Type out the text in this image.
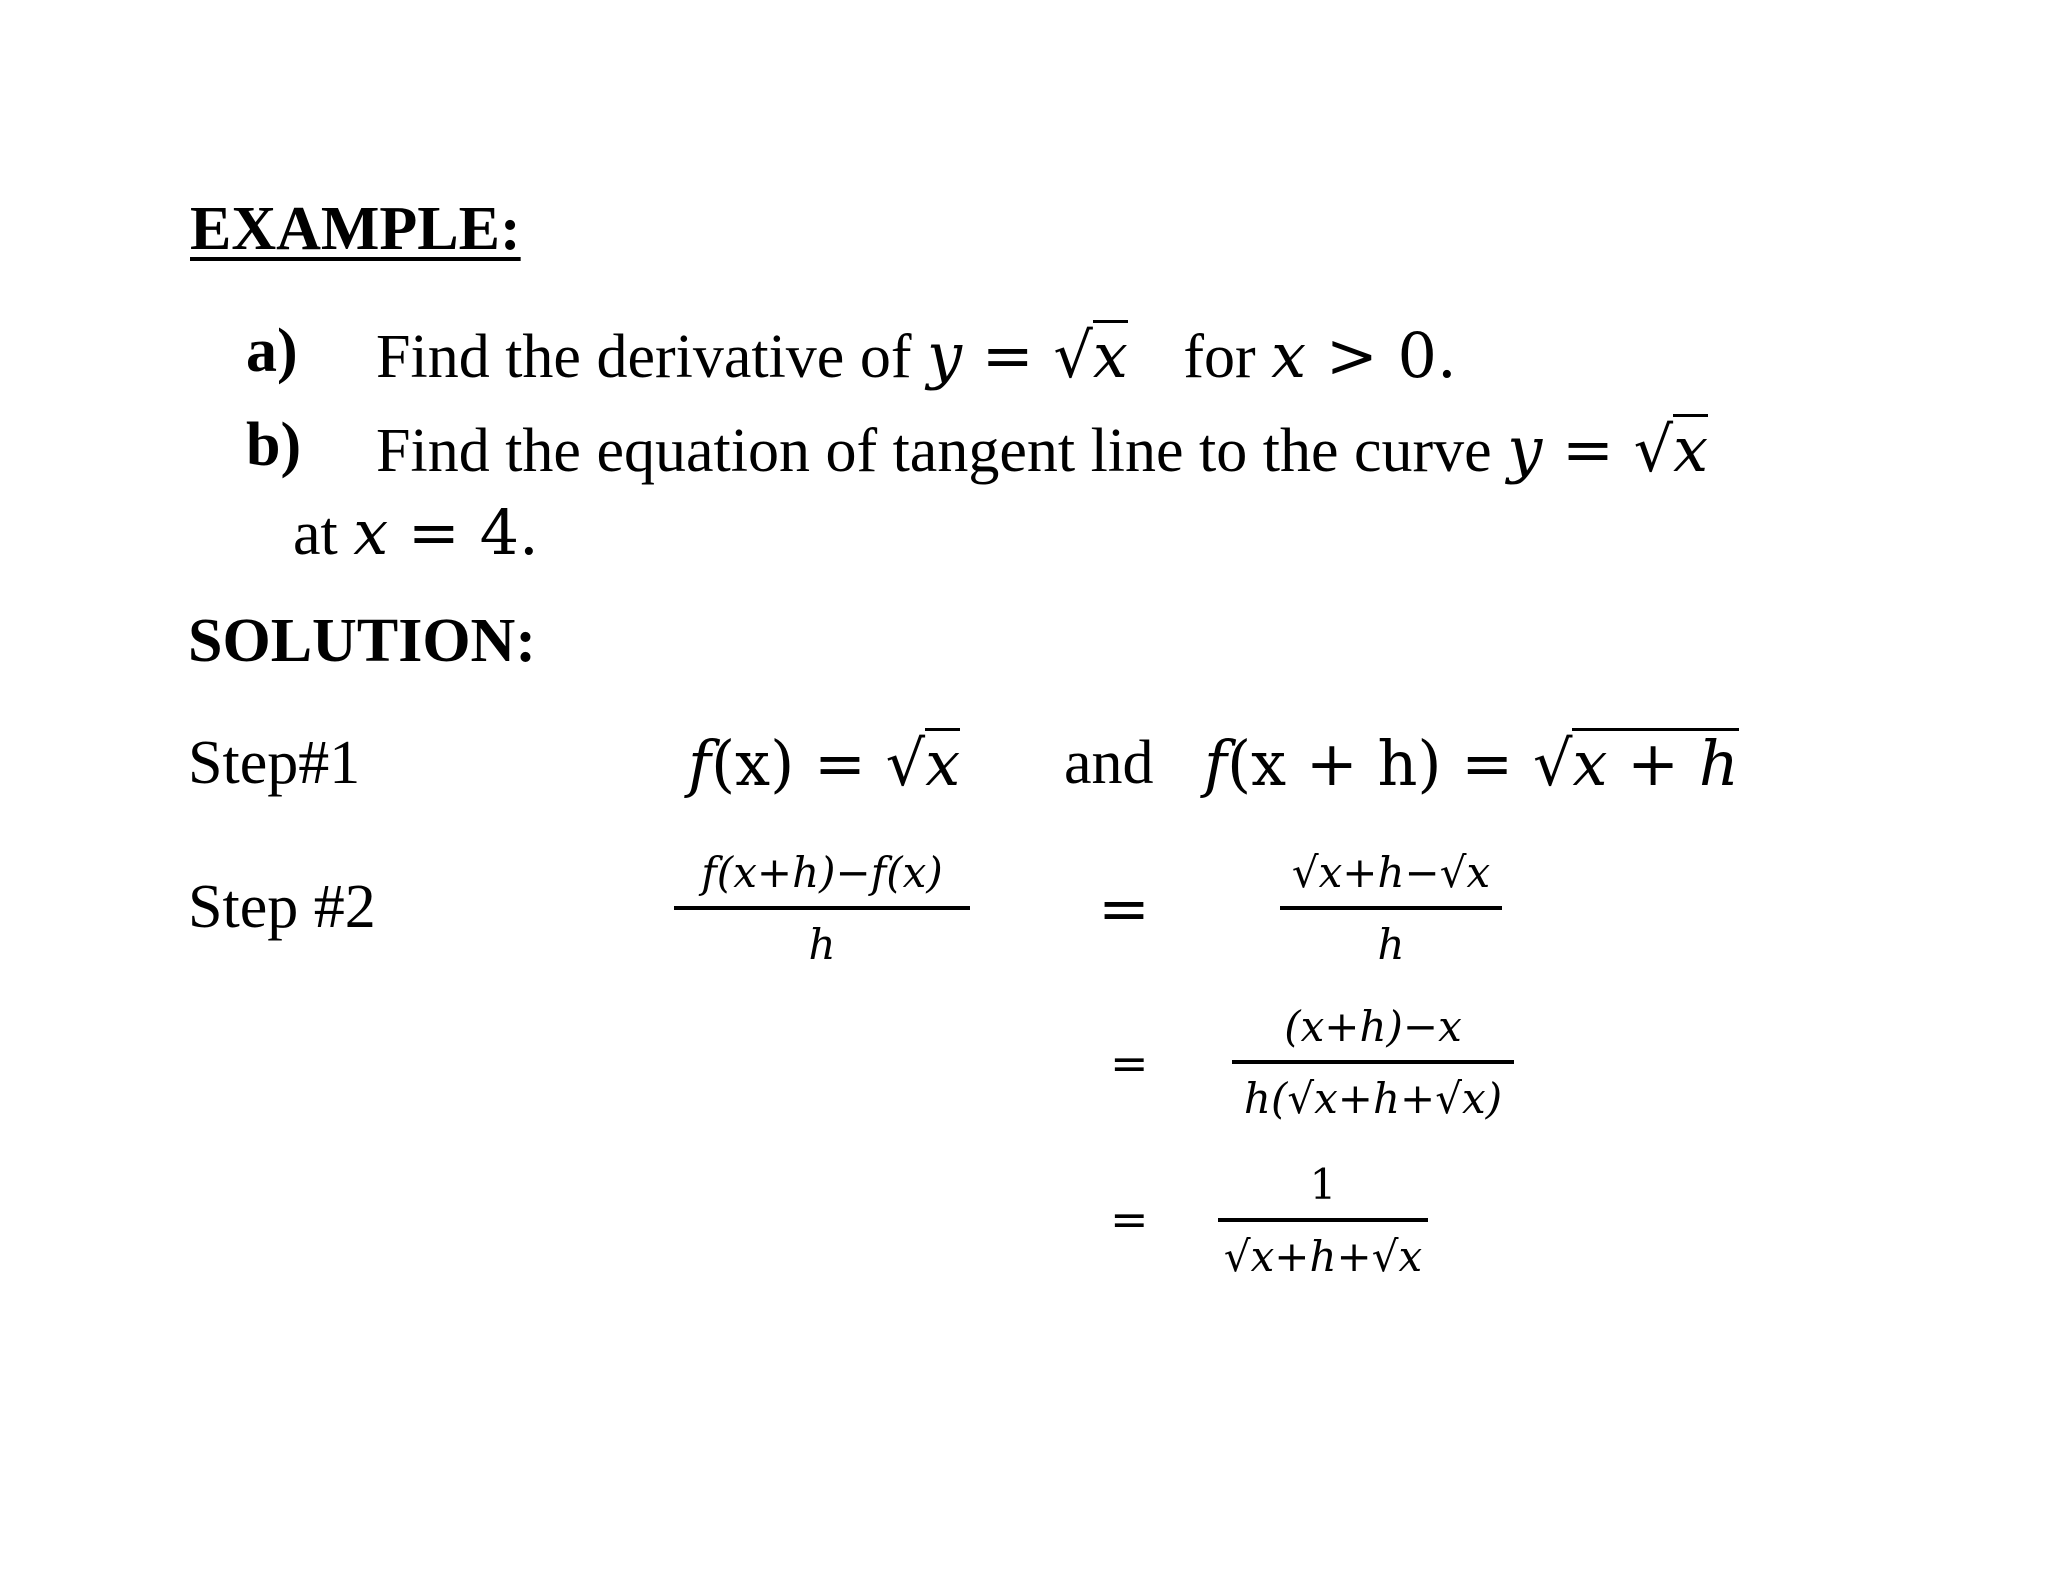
EXAMPLE:
a) Find the derivative of y = √x for x > 0.
b) Find the equation of tangent line to the curve y = √x
at x = 4.
SOLUTION:
Step#1	f(x) = √x and f(x + h) = √x + h
Step #2
f(x+h)−f(x)
h	=
=
=
√x+h−√x
h
(x+h)−x
h(√x+h+√x)
1
√x+h+√x
